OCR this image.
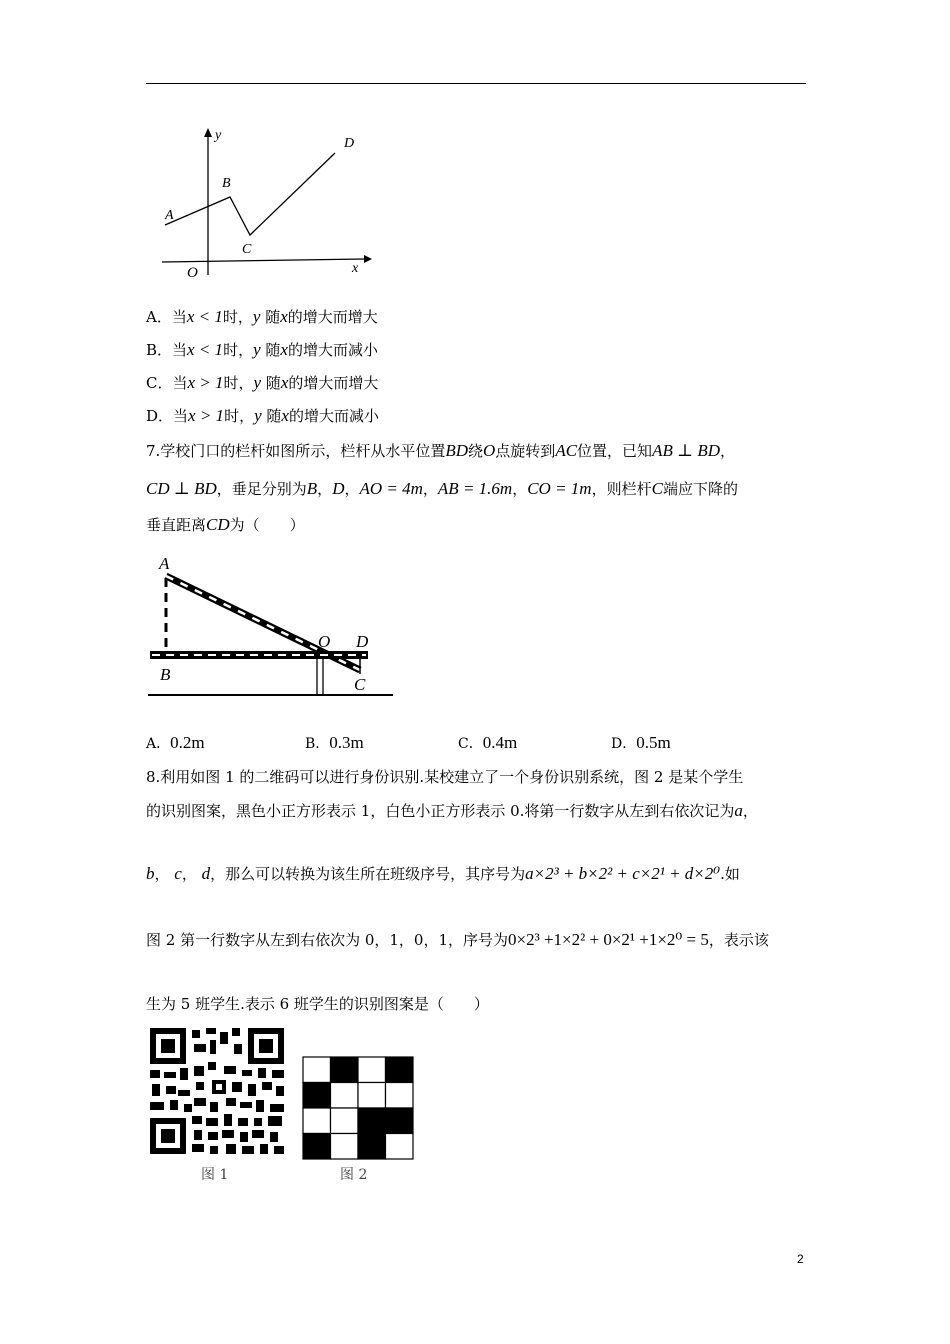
y
x
O
A
B
C
D
A．当x < 1时，y 随x的增大而增大
B．当x < 1时，y 随x的增大而减小
C．当x > 1时，y 随x的增大而增大
D．当x > 1时，y 随x的增大而减小
7.学校门口的栏杆如图所示，栏杆从水平位置BD绕O点旋转到AC位置，已知AB ⊥ BD，
CD ⊥ BD，垂足分别为B，D，AO = 4m，AB = 1.6m，CO = 1m，则栏杆C端应下降的
垂直距离CD为（　　）
A
B
O D
C
A．0.2m	B．0.3m	C．0.4m	D．0.5m
8.利用如图 1 的二维码可以进行身份识别.某校建立了一个身份识别系统，图 2 是某个学生
的识别图案，黑色小正方形表示 1，白色小正方形表示 0.将第一行数字从左到右依次记为a，
b， c， d，那么可以转换为该生所在班级序号，其序号为a×2³ + b×2² + c×2¹ + d×2⁰.如
图 2 第一行数字从左到右依次为 0，1，0，1，序号为0×2³ +1×2² + 0×2¹ +1×2⁰ = 5，表示该
生为 5 班学生.表示 6 班学生的识别图案是（　　）
图 1	图 2
2
